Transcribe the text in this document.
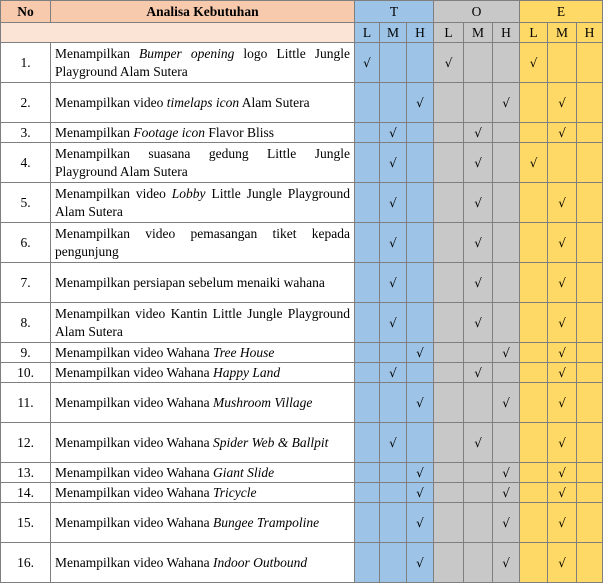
No	Analisa Kebutuhan	T			O			E		
		L	M	H	L	M	H	L	M	H
1.	Menampilkan Bumper opening logo Little Jungle Playground Alam Sutera	√			√			√		
2.	Menampilkan video timelaps icon Alam Sutera			√			√		√	
3.	Menampilkan Footage icon Flavor Bliss		√			√			√	
4.	Menampilkan suasana gedung Little Jungle Playground Alam Sutera		√			√		√		
5.	Menampilkan video Lobby Little Jungle Playground Alam Sutera		√			√			√	
6.	Menampilkan video pemasangan tiket kepada pengunjung		√			√			√	
7.	Menampilkan persiapan sebelum menaiki wahana		√			√			√	
8.	Menampilkan video Kantin Little Jungle Playground Alam Sutera		√			√			√	
9.	Menampilkan video Wahana Tree House			√			√		√	
10.	Menampilkan video Wahana Happy Land		√			√			√	
11.	Menampilkan video Wahana Mushroom Village			√			√		√	
12.	Menampilkan video Wahana Spider Web & Ballpit		√			√			√	
13.	Menampilkan video Wahana Giant Slide			√			√		√	
14.	Menampilkan video Wahana Tricycle			√			√		√	
15.	Menampilkan video Wahana Bungee Trampoline			√			√		√	
16.	Menampilkan video Wahana Indoor Outbound			√			√		√	
